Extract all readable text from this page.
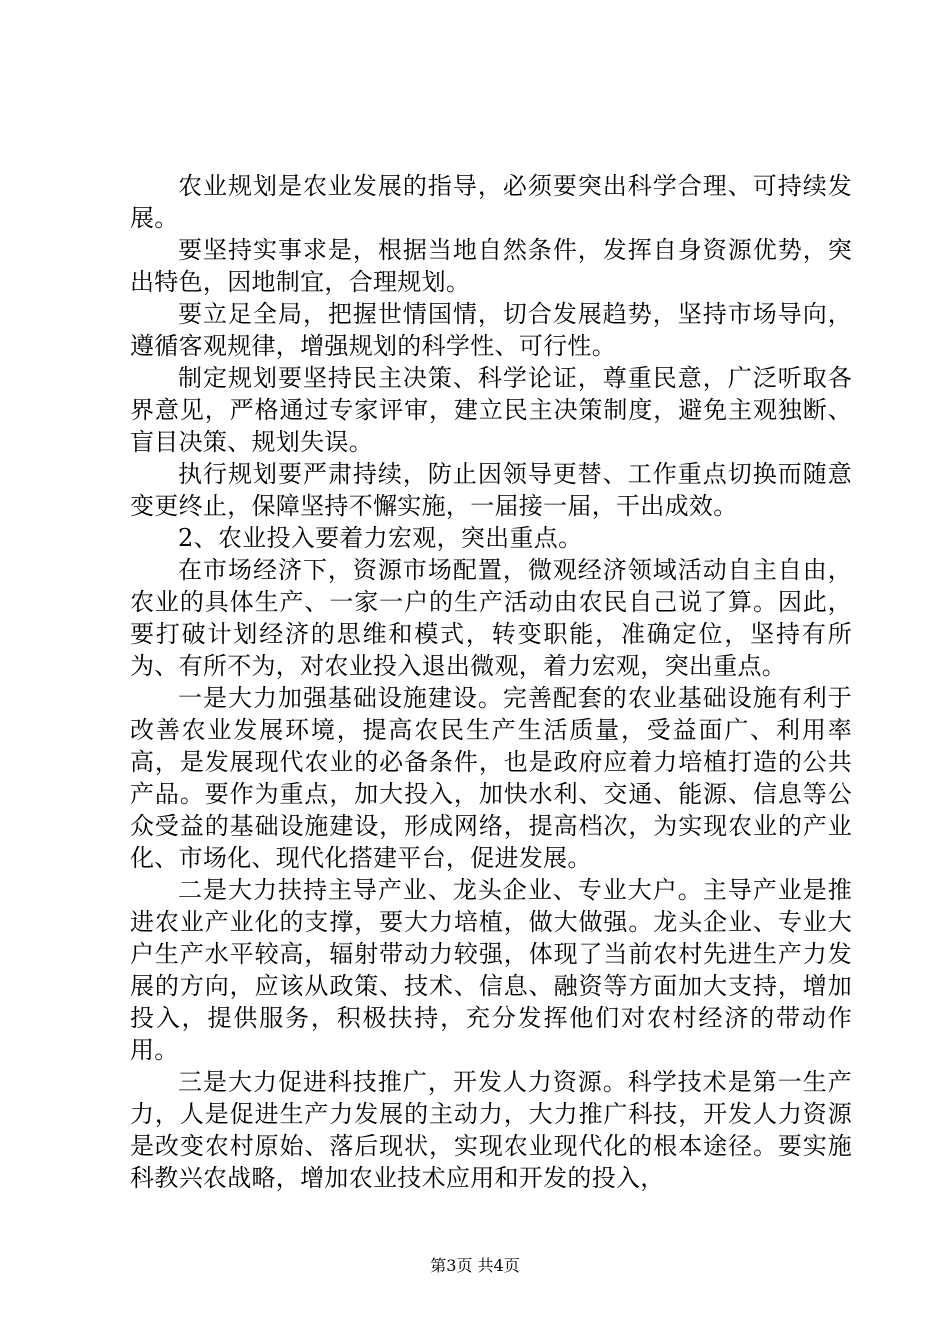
农业规划是农业发展的指导，必须要突出科学合理、可持续发展。

要坚持实事求是，根据当地自然条件，发挥自身资源优势，突出特色，因地制宜，合理规划。

要立足全局，把握世情国情，切合发展趋势，坚持市场导向，遵循客观规律，增强规划的科学性、可行性。

制定规划要坚持民主决策、科学论证，尊重民意，广泛听取各界意见，严格通过专家评审，建立民主决策制度，避免主观独断、盲目决策、规划失误。

执行规划要严肃持续，防止因领导更替、工作重点切换而随意变更终止，保障坚持不懈实施，一届接一届，干出成效。

2、农业投入要着力宏观，突出重点。

在市场经济下，资源市场配置，微观经济领域活动自主自由，农业的具体生产、一家一户的生产活动由农民自己说了算。因此，要打破计划经济的思维和模式，转变职能，准确定位，坚持有所为、有所不为，对农业投入退出微观，着力宏观，突出重点。

一是大力加强基础设施建设。完善配套的农业基础设施有利于改善农业发展环境，提高农民生产生活质量，受益面广、利用率高，是发展现代农业的必备条件，也是政府应着力培植打造的公共产品。要作为重点，加大投入，加快水利、交通、能源、信息等公众受益的基础设施建设，形成网络，提高档次，为实现农业的产业化、市场化、现代化搭建平台，促进发展。

二是大力扶持主导产业、龙头企业、专业大户。主导产业是推进农业产业化的支撑，要大力培植，做大做强。龙头企业、专业大户生产水平较高，辐射带动力较强，体现了当前农村先进生产力发展的方向，应该从政策、技术、信息、融资等方面加大支持，增加投入，提供服务，积极扶持，充分发挥他们对农村经济的带动作用。

三是大力促进科技推广，开发人力资源。科学技术是第一生产力，人是促进生产力发展的主动力，大力推广科技，开发人力资源是改变农村原始、落后现状，实现农业现代化的根本途径。要实施科教兴农战略，增加农业技术应用和开发的投入，

第3页 共4页
